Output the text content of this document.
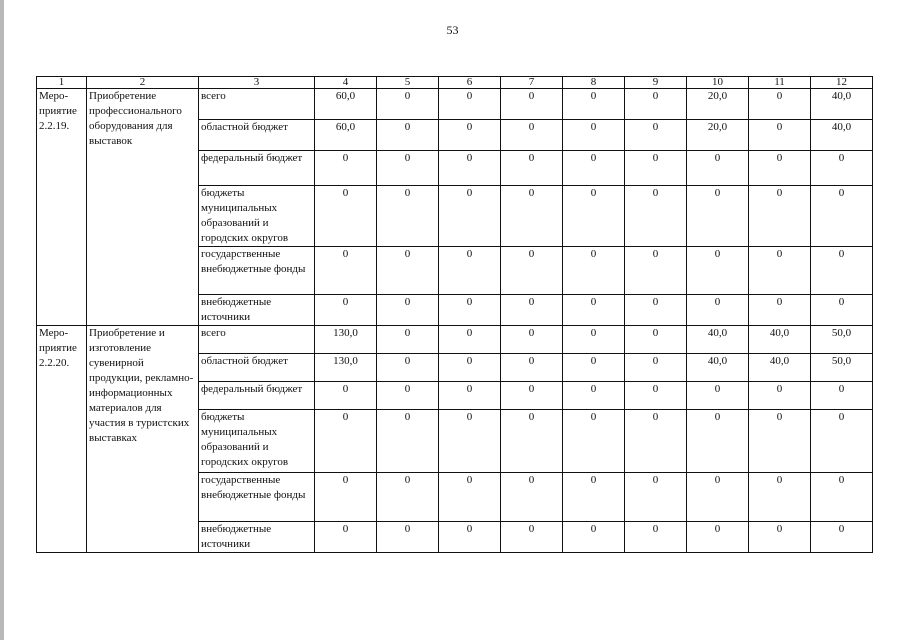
53
1	2	3	4	5	6	7	8	9	10	11	12
Меро-
приятие
2.2.19.	Приобретение профессионального оборудования для выставок	всего	60,0	0	0	0	0	0	20,0	0	40,0
		областной бюджет	60,0	0	0	0	0	0	20,0	0	40,0
		федеральный бюджет	0	0	0	0	0	0	0	0	0
		бюджеты муниципальных образований и городских округов	0	0	0	0	0	0	0	0	0
		государственные внебюджетные фонды	0	0	0	0	0	0	0	0	0
		внебюджетные источники	0	0	0	0	0	0	0	0	0
Меро-
приятие
2.2.20.	Приобретение и изготовление сувенирной продукции, рекламно-информационных материалов для участия в туристских выставках	всего	130,0	0	0	0	0	0	40,0	40,0	50,0
		областной бюджет	130,0	0	0	0	0	0	40,0	40,0	50,0
		федеральный бюджет	0	0	0	0	0	0	0	0	0
		бюджеты муниципальных образований и городских округов	0	0	0	0	0	0	0	0	0
		государственные внебюджетные фонды	0	0	0	0	0	0	0	0	0
		внебюджетные источники	0	0	0	0	0	0	0	0	0
